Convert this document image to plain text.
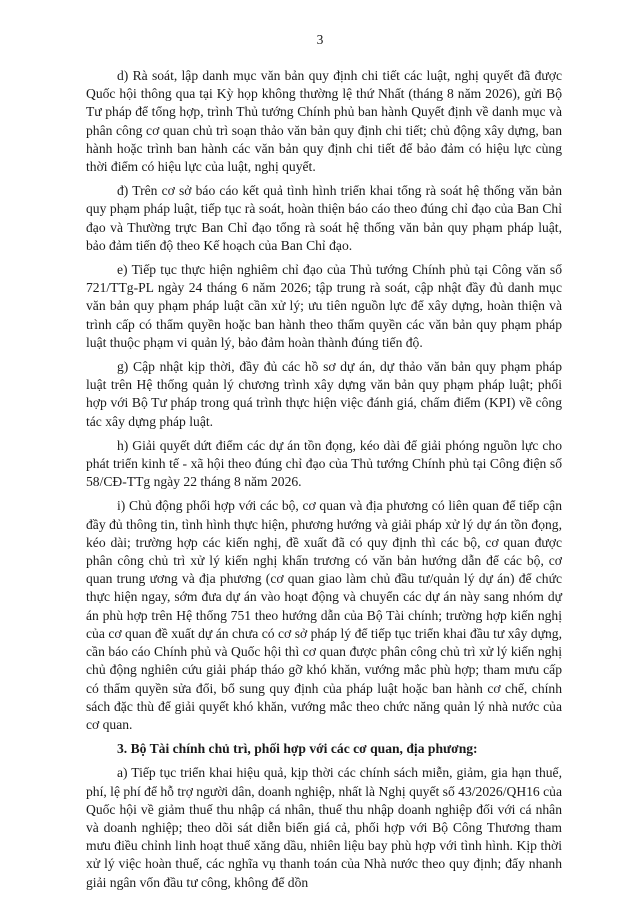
3

d) Rà soát, lập danh mục văn bản quy định chi tiết các luật, nghị quyết đã được Quốc hội thông qua tại Kỳ họp không thường lệ thứ Nhất (tháng 8 năm 2026), gửi Bộ Tư pháp để tổng hợp, trình Thủ tướng Chính phủ ban hành Quyết định về danh mục và phân công cơ quan chủ trì soạn thảo văn bản quy định chi tiết; chủ động xây dựng, ban hành hoặc trình ban hành các văn bản quy định chi tiết để bảo đảm có hiệu lực cùng thời điểm có hiệu lực của luật, nghị quyết.

đ) Trên cơ sở báo cáo kết quả tình hình triển khai tổng rà soát hệ thống văn bản quy phạm pháp luật, tiếp tục rà soát, hoàn thiện báo cáo theo đúng chỉ đạo của Ban Chỉ đạo và Thường trực Ban Chỉ đạo tổng rà soát hệ thống văn bản quy phạm pháp luật, bảo đảm tiến độ theo Kế hoạch của Ban Chỉ đạo.

e) Tiếp tục thực hiện nghiêm chỉ đạo của Thủ tướng Chính phủ tại Công văn số 721/TTg-PL ngày 24 tháng 6 năm 2026; tập trung rà soát, cập nhật đầy đủ danh mục văn bản quy phạm pháp luật cần xử lý; ưu tiên nguồn lực để xây dựng, hoàn thiện và trình cấp có thẩm quyền hoặc ban hành theo thẩm quyền các văn bản quy phạm pháp luật thuộc phạm vi quản lý, bảo đảm hoàn thành đúng tiến độ.

g) Cập nhật kịp thời, đầy đủ các hồ sơ dự án, dự thảo văn bản quy phạm pháp luật trên Hệ thống quản lý chương trình xây dựng văn bản quy phạm pháp luật; phối hợp với Bộ Tư pháp trong quá trình thực hiện việc đánh giá, chấm điểm (KPI) về công tác xây dựng pháp luật.

h) Giải quyết dứt điểm các dự án tồn đọng, kéo dài để giải phóng nguồn lực cho phát triển kinh tế - xã hội theo đúng chỉ đạo của Thủ tướng Chính phủ tại Công điện số 58/CĐ-TTg ngày 22 tháng 8 năm 2026.

i) Chủ động phối hợp với các bộ, cơ quan và địa phương có liên quan để tiếp cận đầy đủ thông tin, tình hình thực hiện, phương hướng và giải pháp xử lý dự án tồn đọng, kéo dài; trường hợp các kiến nghị, đề xuất đã có quy định thì các bộ, cơ quan được phân công chủ trì xử lý kiến nghị khẩn trương có văn bản hướng dẫn để các bộ, cơ quan trung ương và địa phương (cơ quan giao làm chủ đầu tư/quản lý dự án) để chức thực hiện ngay, sớm đưa dự án vào hoạt động và chuyển các dự án này sang nhóm dự án phù hợp trên Hệ thống 751 theo hướng dẫn của Bộ Tài chính; trường hợp kiến nghị của cơ quan đề xuất dự án chưa có cơ sở pháp lý để tiếp tục triển khai đầu tư xây dựng, cần báo cáo Chính phủ và Quốc hội thì cơ quan được phân công chủ trì xử lý kiến nghị chủ động nghiên cứu giải pháp tháo gỡ khó khăn, vướng mắc phù hợp; tham mưu cấp có thẩm quyền sửa đổi, bổ sung quy định của pháp luật hoặc ban hành cơ chế, chính sách đặc thù để giải quyết khó khăn, vướng mắc theo chức năng quản lý nhà nước của cơ quan.

3. Bộ Tài chính chủ trì, phối hợp với các cơ quan, địa phương:

a) Tiếp tục triển khai hiệu quả, kịp thời các chính sách miễn, giảm, gia hạn thuế, phí, lệ phí để hỗ trợ người dân, doanh nghiệp, nhất là Nghị quyết số 43/2026/QH16 của Quốc hội về giảm thuế thu nhập cá nhân, thuế thu nhập doanh nghiệp đối với cá nhân và doanh nghiệp; theo dõi sát diễn biến giá cả, phối hợp với Bộ Công Thương tham mưu điều chỉnh linh hoạt thuế xăng dầu, nhiên liệu bay phù hợp với tình hình. Kịp thời xử lý việc hoàn thuế, các nghĩa vụ thanh toán của Nhà nước theo quy định; đẩy nhanh giải ngân vốn đầu tư công, không để dồn
